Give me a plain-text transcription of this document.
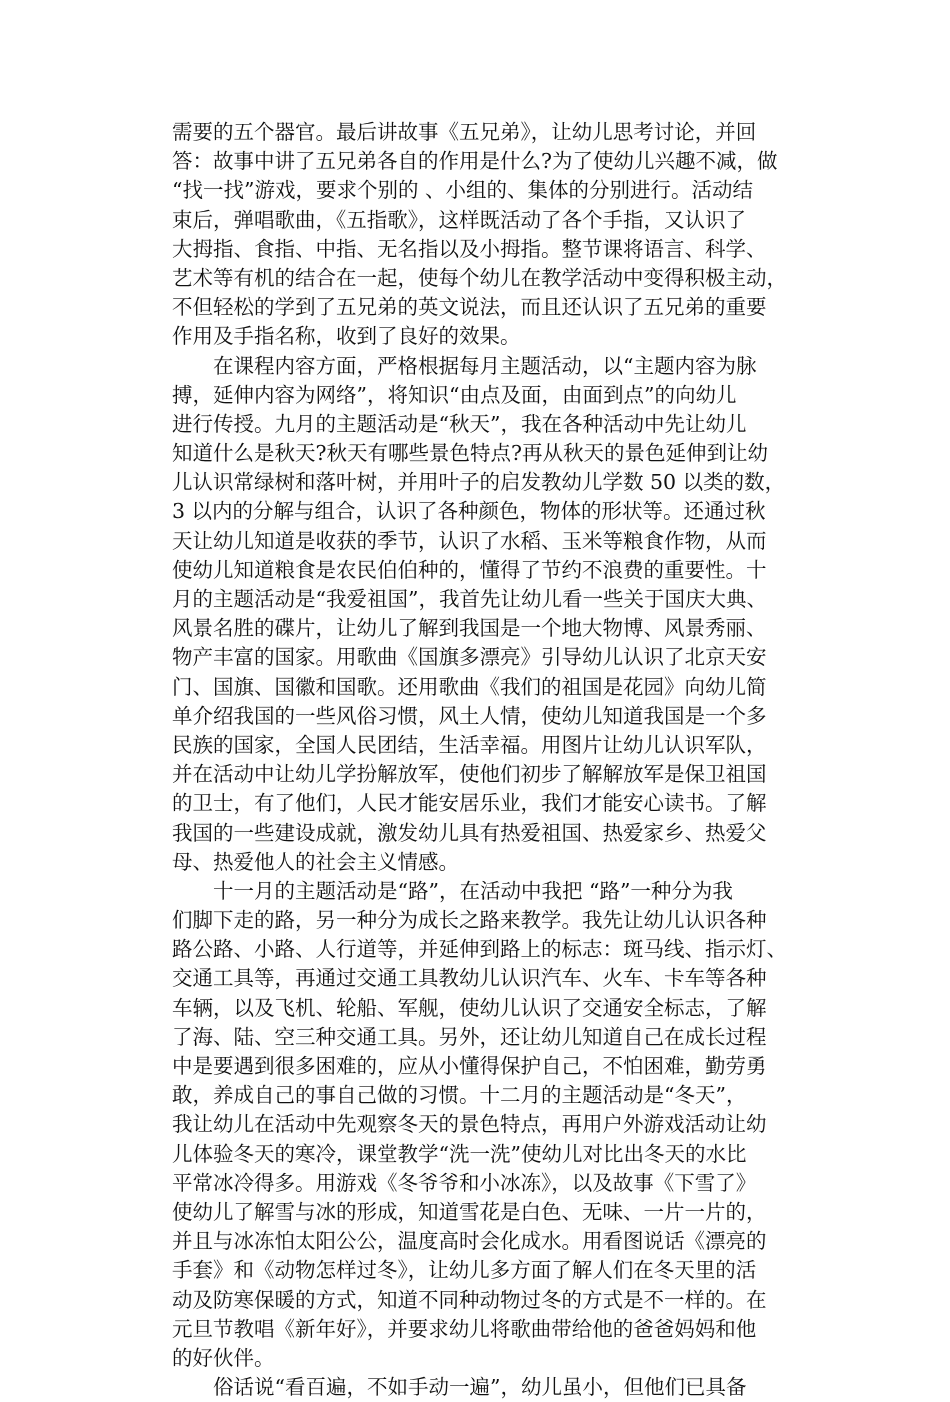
需要的五个器官。最后讲故事《五兄弟》，让幼儿思考讨论，并回
答：故事中讲了五兄弟各自的作用是什么?为了使幼儿兴趣不减，做
“找一找”游戏，要求个别的 、小组的、集体的分别进行。活动结
束后，弹唱歌曲，《五指歌》，这样既活动了各个手指，又认识了
大拇指、食指、中指、无名指以及小拇指。整节课将语言、科学、
艺术等有机的结合在一起，使每个幼儿在教学活动中变得积极主动，
不但轻松的学到了五兄弟的英文说法，而且还认识了五兄弟的重要
作用及手指名称，收到了良好的效果。
在课程内容方面，严格根据每月主题活动，以“主题内容为脉
搏，延伸内容为网络”，将知识“由点及面，由面到点”的向幼儿
进行传授。九月的主题活动是“秋天”，我在各种活动中先让幼儿
知道什么是秋天?秋天有哪些景色特点?再从秋天的景色延伸到让幼
儿认识常绿树和落叶树，并用叶子的启发教幼儿学数 50 以类的数，
3 以内的分解与组合，认识了各种颜色，物体的形状等。还通过秋
天让幼儿知道是收获的季节，认识了水稻、玉米等粮食作物，从而
使幼儿知道粮食是农民伯伯种的，懂得了节约不浪费的重要性。十
月的主题活动是“我爱祖国”，我首先让幼儿看一些关于国庆大典、
风景名胜的碟片，让幼儿了解到我国是一个地大物博、风景秀丽、
物产丰富的国家。用歌曲《国旗多漂亮》引导幼儿认识了北京天安
门、国旗、国徽和国歌。还用歌曲《我们的祖国是花园》向幼儿简
单介绍我国的一些风俗习惯，风土人情，使幼儿知道我国是一个多
民族的国家，全国人民团结，生活幸福。用图片让幼儿认识军队，
并在活动中让幼儿学扮解放军，使他们初步了解解放军是保卫祖国
的卫士，有了他们，人民才能安居乐业，我们才能安心读书。了解
我国的一些建设成就，激发幼儿具有热爱祖国、热爱家乡、热爱父
母、热爱他人的社会主义情感。
十一月的主题活动是“路”，在活动中我把 “路”一种分为我
们脚下走的路，另一种分为成长之路来教学。我先让幼儿认识各种
路公路、小路、人行道等，并延伸到路上的标志：斑马线、指示灯、
交通工具等，再通过交通工具教幼儿认识汽车、火车、卡车等各种
车辆，以及飞机、轮船、军舰，使幼儿认识了交通安全标志，了解
了海、陆、空三种交通工具。另外，还让幼儿知道自己在成长过程
中是要遇到很多困难的，应从小懂得保护自己，不怕困难，勤劳勇
敢，养成自己的事自己做的习惯。十二月的主题活动是“冬天”，
我让幼儿在活动中先观察冬天的景色特点，再用户外游戏活动让幼
儿体验冬天的寒冷，课堂教学“洗一洗”使幼儿对比出冬天的水比
平常冰冷得多。用游戏《冬爷爷和小冰冻》，以及故事《下雪了》
使幼儿了解雪与冰的形成，知道雪花是白色、无味、一片一片的，
并且与冰冻怕太阳公公，温度高时会化成水。用看图说话《漂亮的
手套》和《动物怎样过冬》，让幼儿多方面了解人们在冬天里的活
动及防寒保暖的方式，知道不同种动物过冬的方式是不一样的。在
元旦节教唱《新年好》，并要求幼儿将歌曲带给他的爸爸妈妈和他
的好伙伴。
俗话说“看百遍，不如手动一遍”，幼儿虽小，但他们已具备
